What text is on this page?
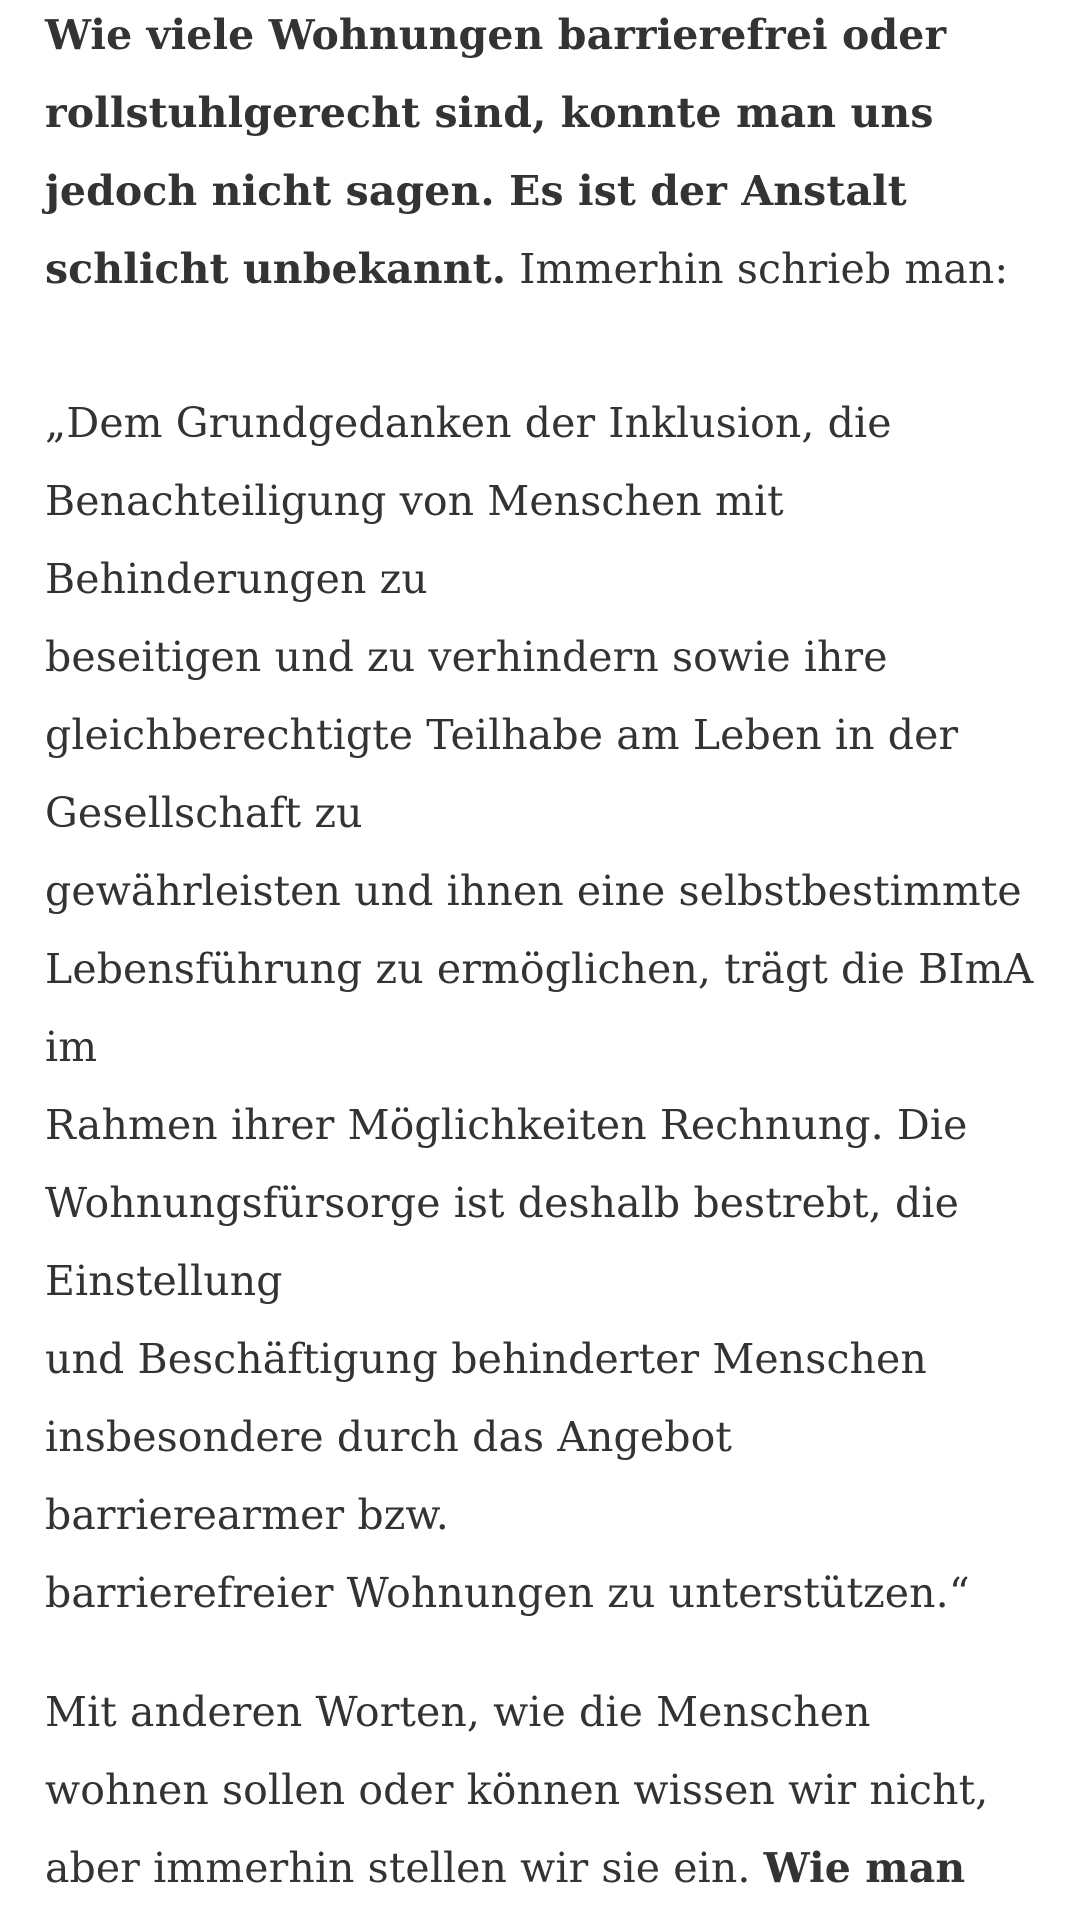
Wie viele Wohnungen barrierefrei oder
rollstuhlgerecht sind, konnte man uns
jedoch nicht sagen. Es ist der Anstalt
schlicht unbekannt. Immerhin schrieb man:

„Dem Grundgedanken der Inklusion, die
Benachteiligung von Menschen mit
Behinderungen zu
beseitigen und zu verhindern sowie ihre
gleichberechtigte Teilhabe am Leben in der
Gesellschaft zu
gewährleisten und ihnen eine selbstbestimmte
Lebensführung zu ermöglichen, trägt die BImA
im
Rahmen ihrer Möglichkeiten Rechnung. Die
Wohnungsfürsorge ist deshalb bestrebt, die
Einstellung
und Beschäftigung behinderter Menschen
insbesondere durch das Angebot
barrierearmer bzw.
barrierefreier Wohnungen zu unterstützen.“

Mit anderen Worten, wie die Menschen
wohnen sollen oder können wissen wir nicht,
aber immerhin stellen wir sie ein. Wie man
